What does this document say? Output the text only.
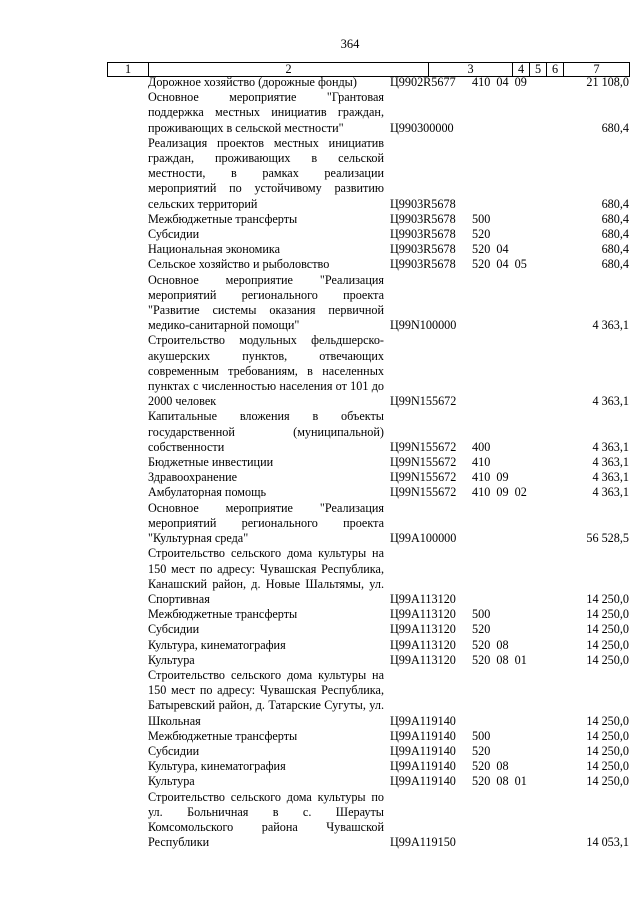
364
1	2	3	4	5	6	7
	Дорожное хозяйство (дорожные фонды)	Ц9902R5677	410  04  09	21 108,0
	Основное мероприятие "Грантовая поддержка местных инициатив граждан, проживающих в сельской местности"	Ц990300000		680,4
	Реализация проектов местных инициатив граждан, проживающих в сельской местности, в рамках реализации мероприятий по устойчивому развитию сельских территорий	Ц9903R5678		680,4
	Межбюджетные трансферты	Ц9903R5678	500	680,4
	Субсидии	Ц9903R5678	520	680,4
	Национальная экономика	Ц9903R5678	520  04	680,4
	Сельское хозяйство и рыболовство	Ц9903R5678	520  04  05	680,4
	Основное мероприятие "Реализация мероприятий регионального проекта "Развитие системы оказания первичной медико-санитарной помощи"	Ц99N100000		4 363,1
	Строительство модульных фельдшерско-акушерских пунктов, отвечающих современным требованиям, в населенных пунктах с численностью населения от 101 до 2000 человек	Ц99N155672		4 363,1
	Капитальные вложения в объекты государственной (муниципальной) собственности	Ц99N155672	400	4 363,1
	Бюджетные инвестиции	Ц99N155672	410	4 363,1
	Здравоохранение	Ц99N155672	410  09	4 363,1
	Амбулаторная помощь	Ц99N155672	410  09  02	4 363,1
	Основное мероприятие "Реализация мероприятий регионального проекта "Культурная среда"	Ц99A100000		56 528,5
	Строительство сельского дома культуры на 150 мест по адресу: Чувашская Республика, Канашский район, д. Новые Шальтямы, ул. Спортивная	Ц99A113120		14 250,0
	Межбюджетные трансферты	Ц99A113120	500	14 250,0
	Субсидии	Ц99A113120	520	14 250,0
	Культура, кинематография	Ц99A113120	520  08	14 250,0
	Культура	Ц99A113120	520  08  01	14 250,0
	Строительство сельского дома культуры на 150 мест по адресу: Чувашская Республика, Батыревский район, д. Татарские Сугуты, ул. Школьная	Ц99A119140		14 250,0
	Межбюджетные трансферты	Ц99A119140	500	14 250,0
	Субсидии	Ц99A119140	520	14 250,0
	Культура, кинематография	Ц99A119140	520  08	14 250,0
	Культура	Ц99A119140	520  08  01	14 250,0
	Строительство сельского дома культуры по ул. Больничная в с. Шерауты Комсомольского района Чувашской Республики	Ц99A119150		14 053,1
